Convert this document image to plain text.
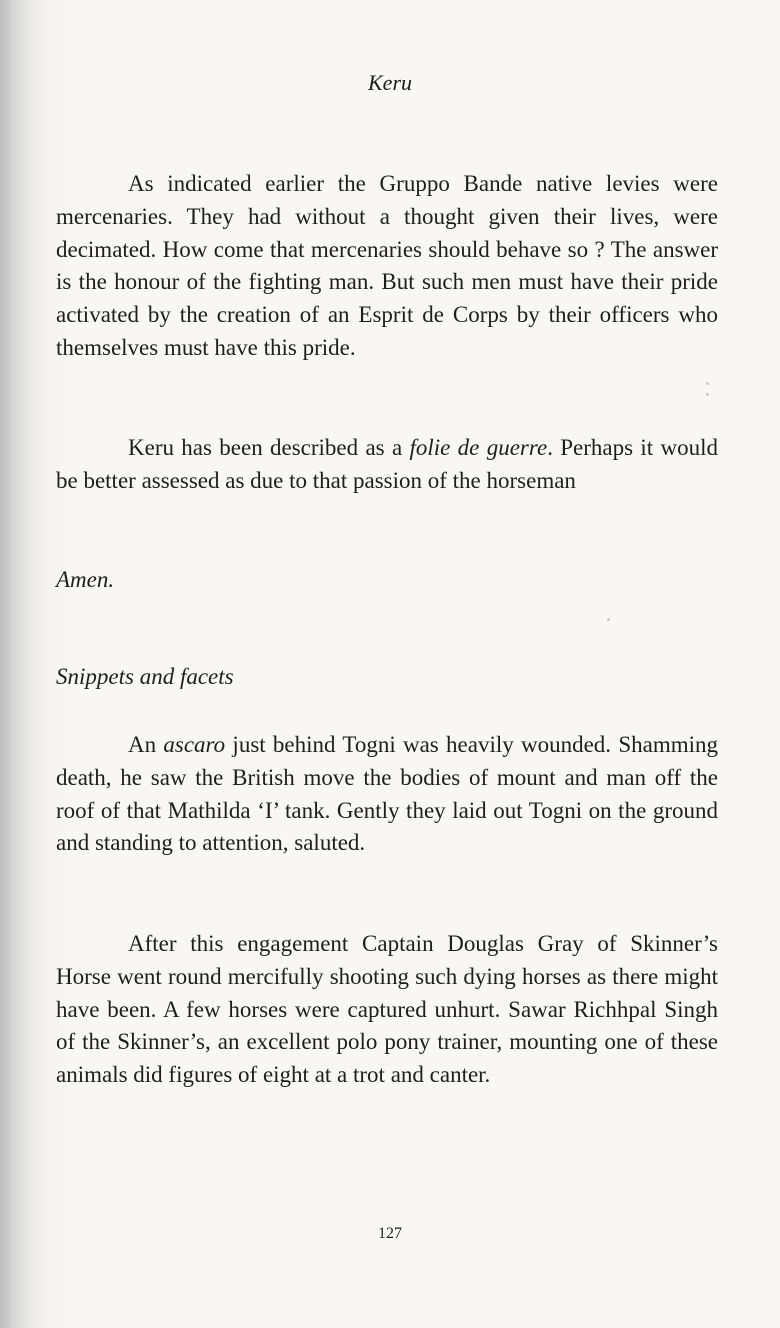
Keru

As indicated earlier the Gruppo Bande native levies were mercenaries. They had without a thought given their lives, were decimated. How come that mercenaries should behave so ? The answer is the honour of the fighting man. But such men must have their pride activated by the creation of an Esprit de Corps by their officers who themselves must have this pride.

Keru has been described as a folie de guerre. Perhaps it would be better assessed as due to that passion of the horseman

Amen.
Snippets and facets

An ascaro just behind Togni was heavily wounded. Shamming death, he saw the British move the bodies of mount and man off the roof of that Mathilda ‘I’ tank. Gently they laid out Togni on the ground and standing to attention, saluted.

After this engagement Captain Douglas Gray of Skinner’s Horse went round mercifully shooting such dying horses as there might have been. A few horses were captured unhurt. Sawar Richhpal Singh of the Skinner’s, an excellent polo pony trainer, mounting one of these animals did figures of eight at a trot and canter.

127
